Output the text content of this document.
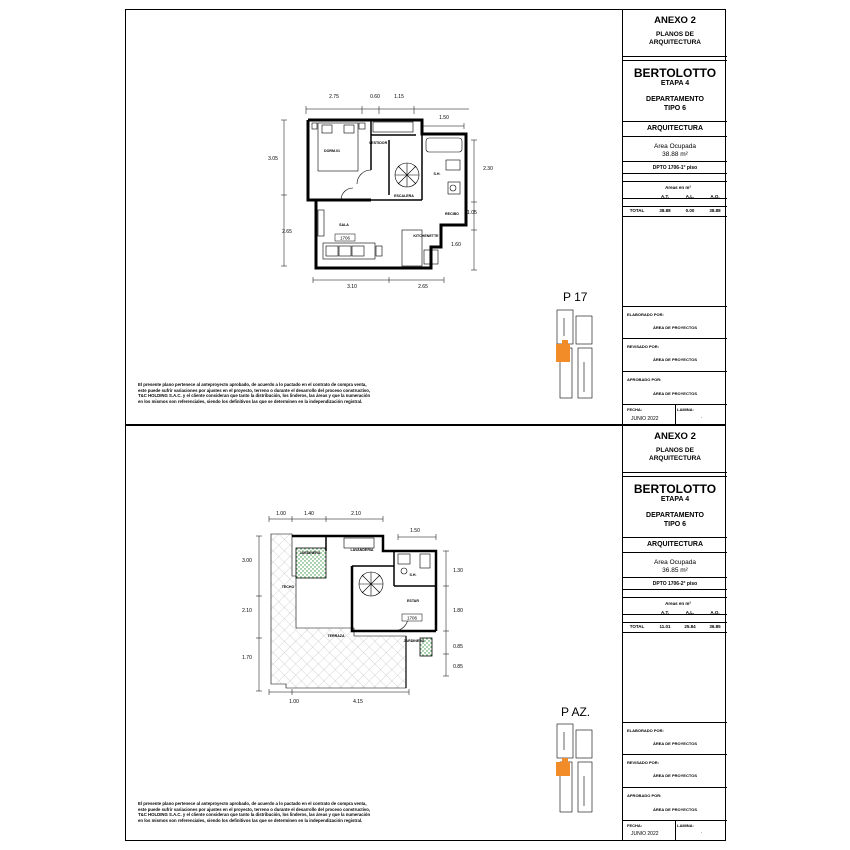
2.75	0.60	1.15
1.50
3.05
2.65
2.30
1.05
1.60
3.10	2.65
DORM.01
VESTIDOR
S.H.
ESCALERA
RECIBO
SALA
KITCHENETTE
1706
P 17

El presente plano pertenece al anteproyecto aprobado, de acuerdo a lo pactado en el contrato de compra venta,

este puede sufrir variaciones por ajustes en el proyecto, terreno o durante el desarrollo del proceso constructivo,

T&C HOLDING S.A.C. y el cliente consideran que tanto la distribución, los linderos, las áreas y que la numeración

en los mismos son referenciales, siendo los definitivos las que se determinen en la independización registral.

ANEXO 2
PLANOS DE
ARQUITECTURA
BERTOLOTTO
ETAPA 4
DEPARTAMENTO
TIPO 6
ARQUITECTURA
Area Ocupada
38.88 m²
DPTO 1706-1° piso
Areas en m²
A.T.	A.L.	A.O.
TOTAL	38.88	0.00	38.88
ELABORADO POR:
ÁREA DE PROYECTOS
REVISADO POR:
ÁREA DE PROYECTOS
APROBADO POR:
ÁREA DE PROYECTOS
FECHA:	LAMINA:
JUNIO 2022	.
1.00	1.40	2.10
1.50
3.00
2.10
1.70
1.30
1.80
0.85
0.85
1.00	4.15
JARDINERA
LAVANDERIA
S.H.
TECHO
ESTAR
TERRAZA
JARDINERA
1706
P AZ.

El presente plano pertenece al anteproyecto aprobado, de acuerdo a lo pactado en el contrato de compra venta,

este puede sufrir variaciones por ajustes en el proyecto, terreno o durante el desarrollo del proceso constructivo,

T&C HOLDING S.A.C. y el cliente consideran que tanto la distribución, los linderos, las áreas y que la numeración

en los mismos son referenciales, siendo los definitivos las que se determinen en la independización registral.

ANEXO 2
PLANOS DE
ARQUITECTURA
BERTOLOTTO
ETAPA 4
DEPARTAMENTO
TIPO 6
ARQUITECTURA
Area Ocupada
36.85 m²
DPTO 1706-2° piso
Areas en m²
A.T.	A.L.	A.O.
TOTAL	11.01	25.84	36.85
ELABORADO POR:
ÁREA DE PROYECTOS
REVISADO POR:
ÁREA DE PROYECTOS
APROBADO POR:
ÁREA DE PROYECTOS
FECHA:	LAMINA:
JUNIO 2022	.
